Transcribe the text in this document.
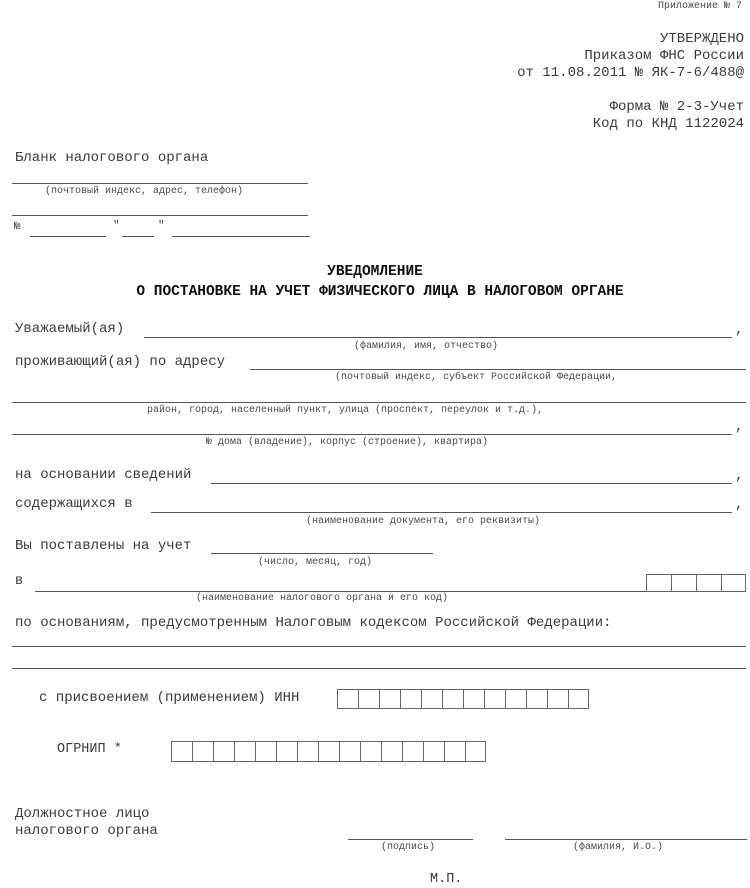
Приложение № 7
УТВЕРЖДЕНО
Приказом ФНС России
от 11.08.2011 № ЯК-7-6/488@
Форма № 2-3-Учет
Код по КНД 1122024
Бланк налогового органа
(почтовый индекс, адрес, телефон)
№	"	"
УВЕДОМЛЕНИЕ
О ПОСТАНОВКЕ НА УЧЕТ ФИЗИЧЕСКОГО ЛИЦА В НАЛОГОВОМ ОРГАНЕ
Уважаемый(ая)	,
(фамилия, имя, отчество)
проживающий(ая) по адресу
(почтовый индекс, субъект Российской Федерации,
район, город, населенный пункт, улица (проспект, переулок и т.д.),
,
№ дома (владение), корпус (строение), квартира)
на основании сведений	,
содержащихся в	,
(наименование документа, его реквизиты)
Вы поставлены на учет
(число, месяц, год)
в
(наименование налогового органа и его код)
по основаниям, предусмотренным Налоговым кодексом Российской Федерации:
с присвоением (применением) ИНН
ОГРНИП *
Должностное лицо
налогового органа
(подпись)	(фамилия, И.О.)
М.П.
